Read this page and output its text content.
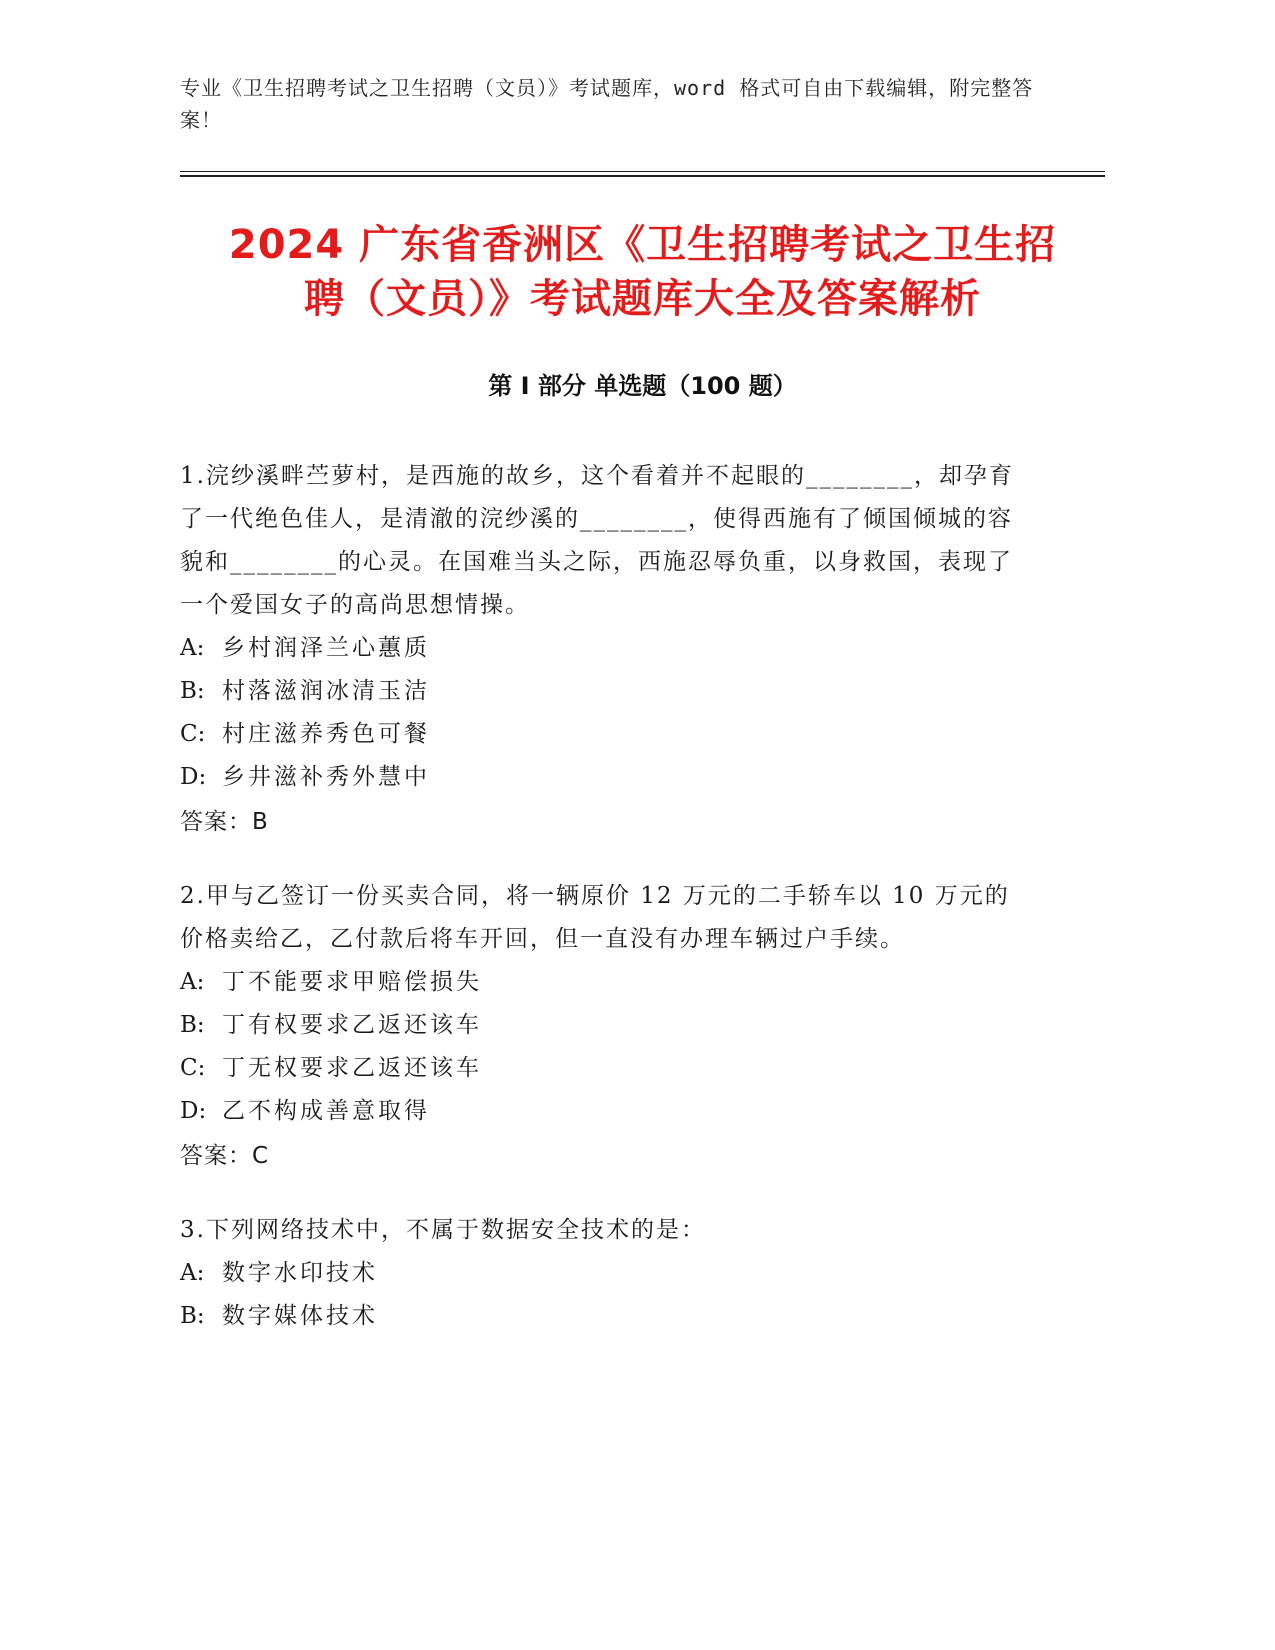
专业《卫生招聘考试之卫生招聘（文员）》考试题库，word 格式可自由下载编辑，附完整答案！
2024 广东省香洲区《卫生招聘考试之卫生招
聘（文员）》考试题库大全及答案解析
第 I 部分 单选题（100 题）

1.浣纱溪畔苎萝村，是西施的故乡，这个看着并不起眼的________，却孕育了一代绝色佳人，是清澈的浣纱溪的________，使得西施有了倾国倾城的容貌和________的心灵。在国难当头之际，西施忍辱负重，以身救国，表现了一个爱国女子的高尚思想情操。

A: 乡村润泽兰心蕙质

B: 村落滋润冰清玉洁

C: 村庄滋养秀色可餐

D: 乡井滋补秀外慧中

答案：B

2.甲与乙签订一份买卖合同，将一辆原价 12 万元的二手轿车以 10 万元的价格卖给乙，乙付款后将车开回，但一直没有办理车辆过户手续。

A: 丁不能要求甲赔偿损失

B: 丁有权要求乙返还该车

C: 丁无权要求乙返还该车

D: 乙不构成善意取得

答案：C

3.下列网络技术中，不属于数据安全技术的是：

A: 数字水印技术

B: 数字媒体技术
